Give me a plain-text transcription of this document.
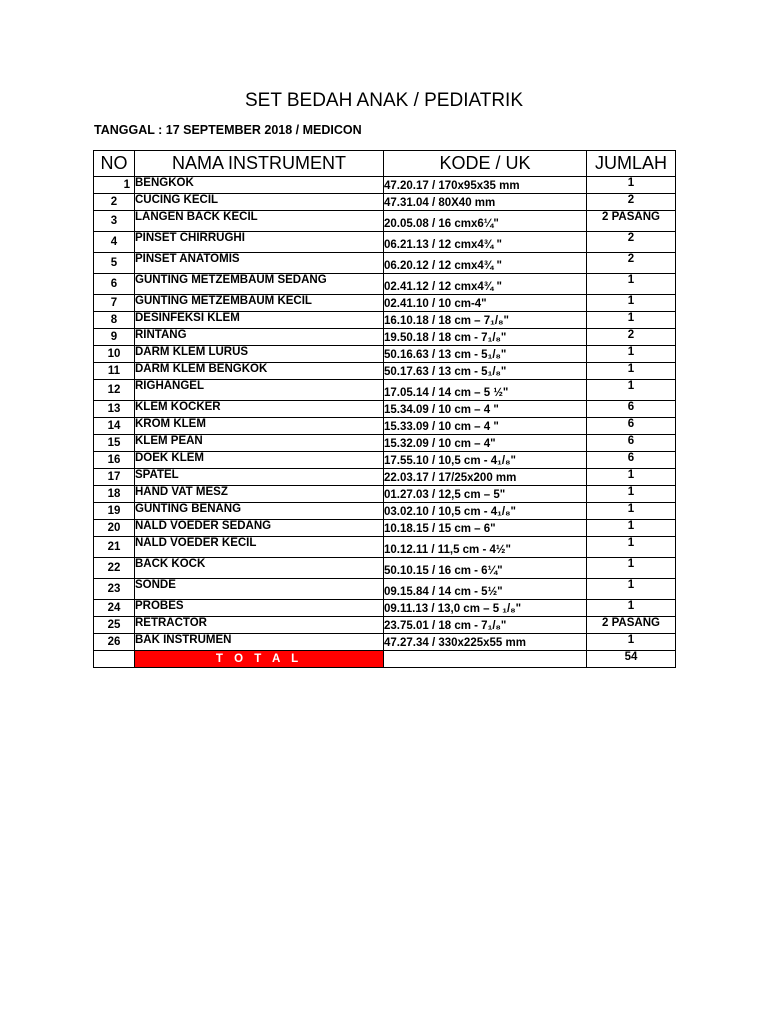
SET BEDAH ANAK / PEDIATRIK
TANGGAL : 17 SEPTEMBER 2018 / MEDICON
NO	NAMA INSTRUMENT	KODE / UK	JUMLAH
1	BENGKOK	47.20.17 / 170x95x35 mm	1
2	CUCING KECIL	47.31.04 / 80X40 mm	2
3	LANGEN BACK KECIL	20.05.08 / 16 cmx6¼"	2 PASANG
4	PINSET CHIRRUGHI	06.21.13 / 12 cmx4¾ "	2
5	PINSET ANATOMIS	06.20.12 / 12 cmx4¾ "	2
6	GUNTING METZEMBAUM SEDANG	02.41.12 / 12 cmx4¾ "	1
7	GUNTING METZEMBAUM KECIL	02.41.10 / 10 cm-4"	1
8	DESINFEKSI KLEM	16.10.18 / 18 cm – 7₁/₈"	1
9	RINTANG	19.50.18 / 18 cm - 7₁/₈"	2
10	DARM KLEM LURUS	50.16.63 / 13 cm - 5₁/₈"	1
11	DARM KLEM BENGKOK	50.17.63 / 13 cm - 5₁/₈"	1
12	RIGHANGEL	17.05.14 / 14 cm – 5 ½"	1
13	KLEM KOCKER	15.34.09 / 10 cm – 4 "	6
14	KROM KLEM	15.33.09 / 10 cm – 4 "	6
15	KLEM PEAN	15.32.09 / 10 cm – 4"	6
16	DOEK KLEM	17.55.10 / 10,5 cm - 4₁/₈"	6
17	SPATEL	22.03.17 / 17/25x200 mm	1
18	HAND VAT MESZ	01.27.03 / 12,5 cm – 5"	1
19	GUNTING BENANG	03.02.10 / 10,5 cm - 4₁/₈"	1
20	NALD VOEDER SEDANG	10.18.15 / 15 cm – 6"	1
21	NALD VOEDER KECIL	10.12.11 / 11,5 cm - 4½"	1
22	BACK KOCK	50.10.15 / 16 cm - 6¼"	1
23	SONDE	09.15.84 / 14 cm - 5½"	1
24	PROBES	09.11.13 / 13,0 cm – 5 ₁/₈"	1
25	RETRACTOR	23.75.01 / 18 cm - 7₁/₈"	2 PASANG
26	BAK INSTRUMEN	47.27.34 / 330x225x55 mm	1
	T O T A L		54
